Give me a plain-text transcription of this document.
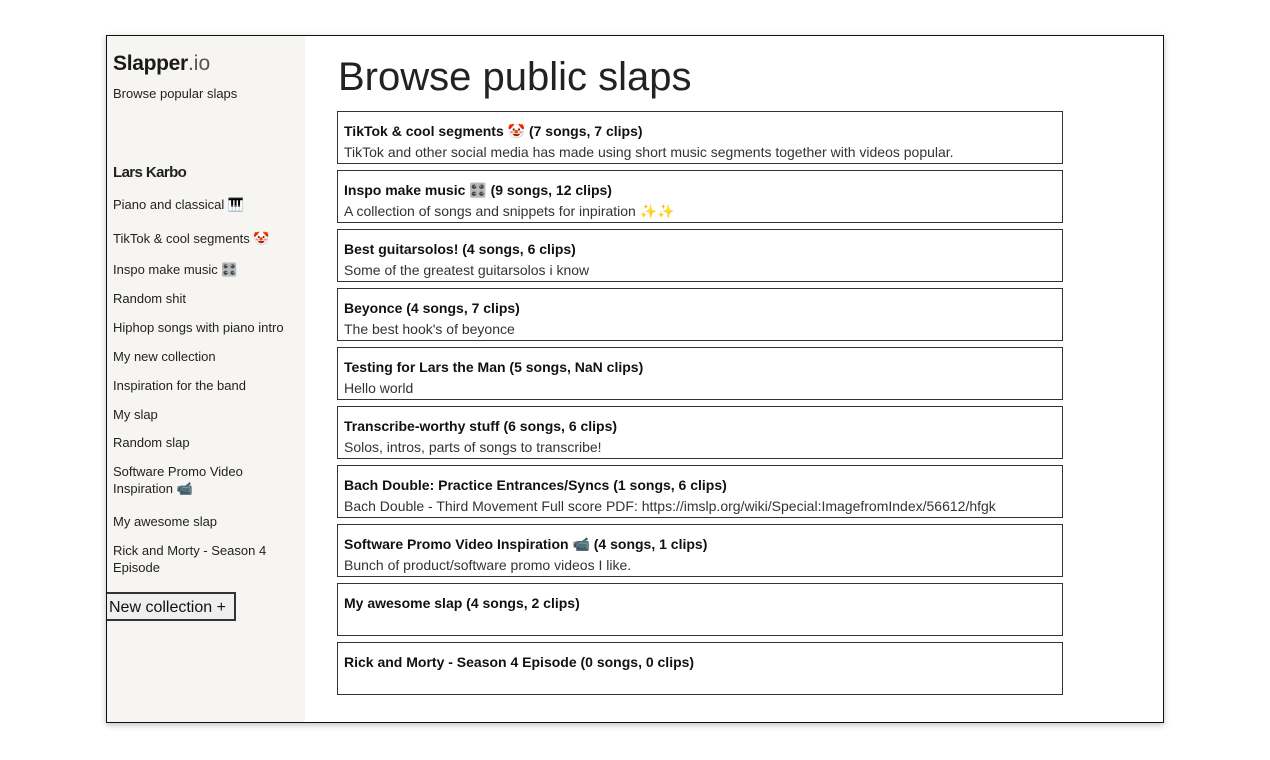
Slapper.io
Browse popular slaps
Lars Karbo
Piano and classical 🎹
TikTok & cool segments 🤡
Inspo make music 🎛️
Random shit
Hiphop songs with piano intro
My new collection
Inspiration for the band
My slap
Random slap
Software Promo Video Inspiration 📹
My awesome slap
Rick and Morty - Season 4 Episode
New collection +
Browse public slaps
TikTok & cool segments 🤡 (7 songs, 7 clips)
TikTok and other social media has made using short music segments together with videos popular.
Inspo make music 🎛️ (9 songs, 12 clips)
A collection of songs and snippets for inpiration ✨✨
Best guitarsolos! (4 songs, 6 clips)
Some of the greatest guitarsolos i know
Beyonce (4 songs, 7 clips)
The best hook's of beyonce
Testing for Lars the Man (5 songs, NaN clips)
Hello world
Transcribe-worthy stuff (6 songs, 6 clips)
Solos, intros, parts of songs to transcribe!
Bach Double: Practice Entrances/Syncs (1 songs, 6 clips)
Bach Double - Third Movement Full score PDF: https://imslp.org/wiki/Special:ImagefromIndex/56612/hfgk
Software Promo Video Inspiration 📹 (4 songs, 1 clips)
Bunch of product/software promo videos I like.
My awesome slap (4 songs, 2 clips)
Rick and Morty - Season 4 Episode (0 songs, 0 clips)
